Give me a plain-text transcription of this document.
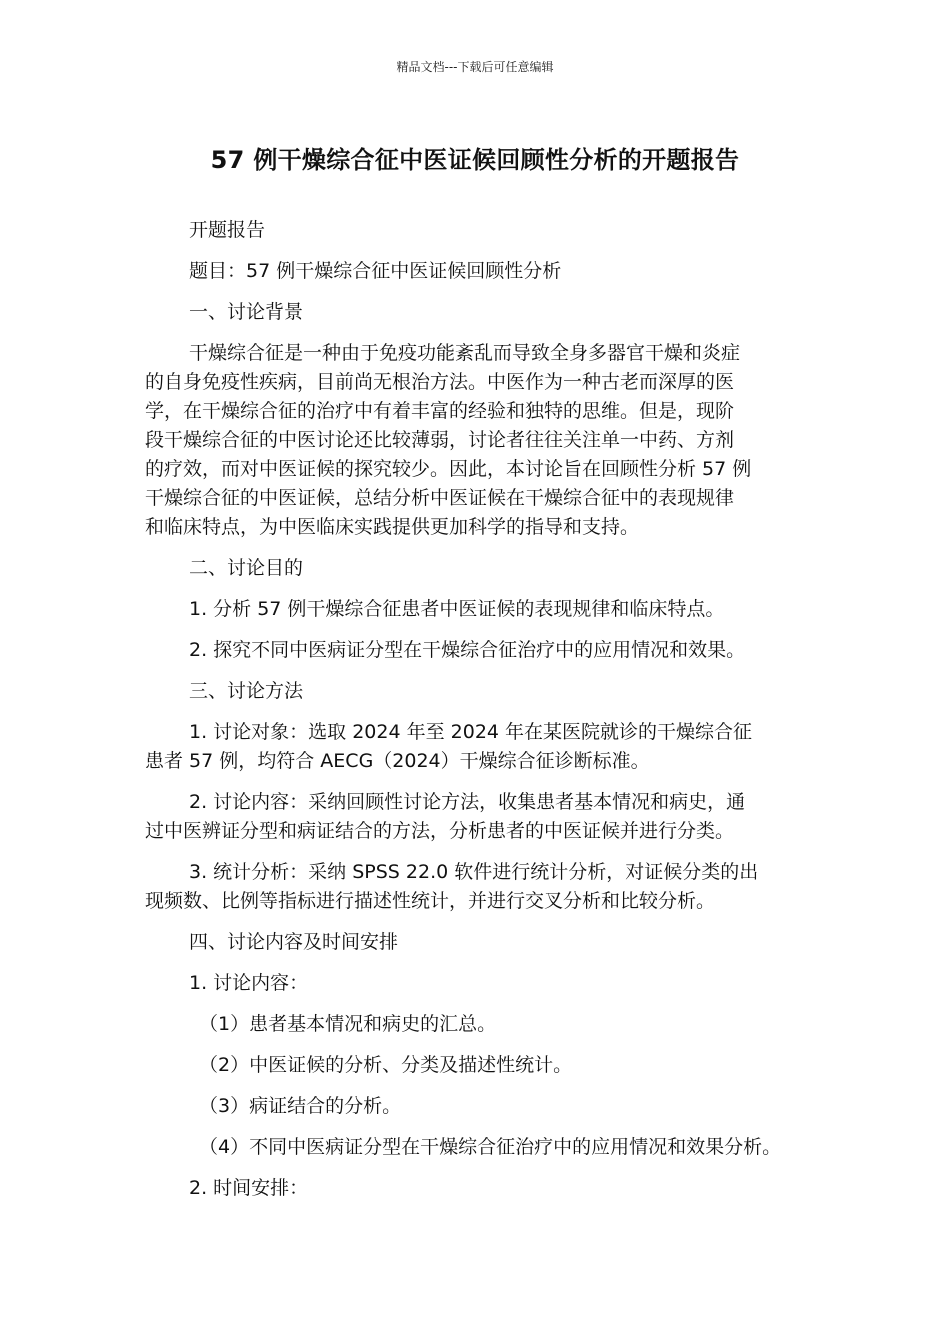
精品文档---下载后可任意编辑
57 例干燥综合征中医证候回顾性分析的开题报告

开题报告

题目：57 例干燥综合征中医证候回顾性分析

一、讨论背景

干燥综合征是一种由于免疫功能紊乱而导致全身多器官干燥和炎症
的自身免疫性疾病，目前尚无根治方法。中医作为一种古老而深厚的医
学，在干燥综合征的治疗中有着丰富的经验和独特的思维。但是，现阶
段干燥综合征的中医讨论还比较薄弱，讨论者往往关注单一中药、方剂
的疗效，而对中医证候的探究较少。因此，本讨论旨在回顾性分析 57 例
干燥综合征的中医证候，总结分析中医证候在干燥综合征中的表现规律
和临床特点，为中医临床实践提供更加科学的指导和支持。

二、讨论目的

1. 分析 57 例干燥综合征患者中医证候的表现规律和临床特点。

2. 探究不同中医病证分型在干燥综合征治疗中的应用情况和效果。

三、讨论方法

1. 讨论对象：选取 2024 年至 2024 年在某医院就诊的干燥综合征
患者 57 例，均符合 AECG（2024）干燥综合征诊断标准。
2. 讨论内容：采纳回顾性讨论方法，收集患者基本情况和病史，通
过中医辨证分型和病证结合的方法，分析患者的中医证候并进行分类。
3. 统计分析：采纳 SPSS 22.0 软件进行统计分析，对证候分类的出
现频数、比例等指标进行描述性统计，并进行交叉分析和比较分析。

四、讨论内容及时间安排

1. 讨论内容：

（1）患者基本情况和病史的汇总。

（2）中医证候的分析、分类及描述性统计。

（3）病证结合的分析。

（4）不同中医病证分型在干燥综合征治疗中的应用情况和效果分析。

2. 时间安排：
